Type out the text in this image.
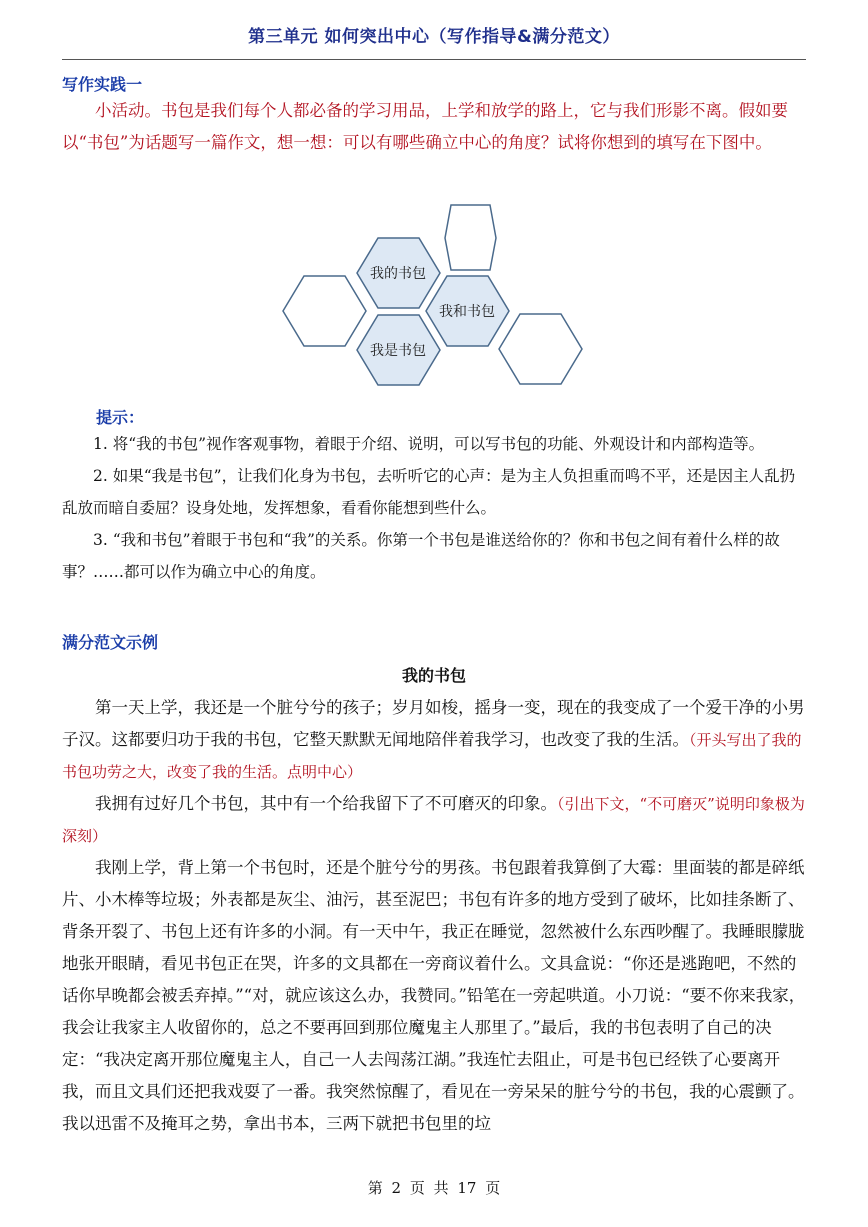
第三单元 如何突出中心（写作指导&满分范文）
写作实践一

小活动。书包是我们每个人都必备的学习用品，上学和放学的路上，它与我们形影不离。假如要以“书包”为话题写一篇作文，想一想：可以有哪些确立中心的角度？试将你想到的填写在下图中。

我的书包
我和书包
我是书包
提示：

1. 将“我的书包”视作客观事物，着眼于介绍、说明，可以写书包的功能、外观设计和内部构造等。

2. 如果“我是书包”，让我们化身为书包，去听听它的心声：是为主人负担重而鸣不平，还是因主人乱扔乱放而暗自委屈？设身处地，发挥想象，看看你能想到些什么。

3. “我和书包”着眼于书包和“我”的关系。你第一个书包是谁送给你的？你和书包之间有着什么样的故事？……都可以作为确立中心的角度。

满分范文示例
我的书包

第一天上学，我还是一个脏兮兮的孩子；岁月如梭，摇身一变，现在的我变成了一个爱干净的小男子汉。这都要归功于我的书包，它整天默默无闻地陪伴着我学习，也改变了我的生活。（开头写出了我的书包功劳之大，改变了我的生活。点明中心）

我拥有过好几个书包，其中有一个给我留下了不可磨灭的印象。（引出下文，“不可磨灭”说明印象极为深刻）

我刚上学，背上第一个书包时，还是个脏兮兮的男孩。书包跟着我算倒了大霉：里面装的都是碎纸片、小木棒等垃圾；外表都是灰尘、油污，甚至泥巴；书包有许多的地方受到了破坏，比如挂条断了、背条开裂了、书包上还有许多的小洞。有一天中午，我正在睡觉，忽然被什么东西吵醒了。我睡眼朦胧地张开眼睛，看见书包正在哭，许多的文具都在一旁商议着什么。文具盒说：“你还是逃跑吧，不然的话你早晚都会被丢弃掉。”“对，就应该这么办，我赞同。”铅笔在一旁起哄道。小刀说：“要不你来我家，我会让我家主人收留你的，总之不要再回到那位魔鬼主人那里了。”最后，我的书包表明了自己的决定：“我决定离开那位魔鬼主人，自己一人去闯荡江湖。”我连忙去阻止，可是书包已经铁了心要离开我，而且文具们还把我戏耍了一番。我突然惊醒了，看见在一旁呆呆的脏兮兮的书包，我的心震颤了。我以迅雷不及掩耳之势，拿出书本，三两下就把书包里的垃

第 2 页 共 17 页
